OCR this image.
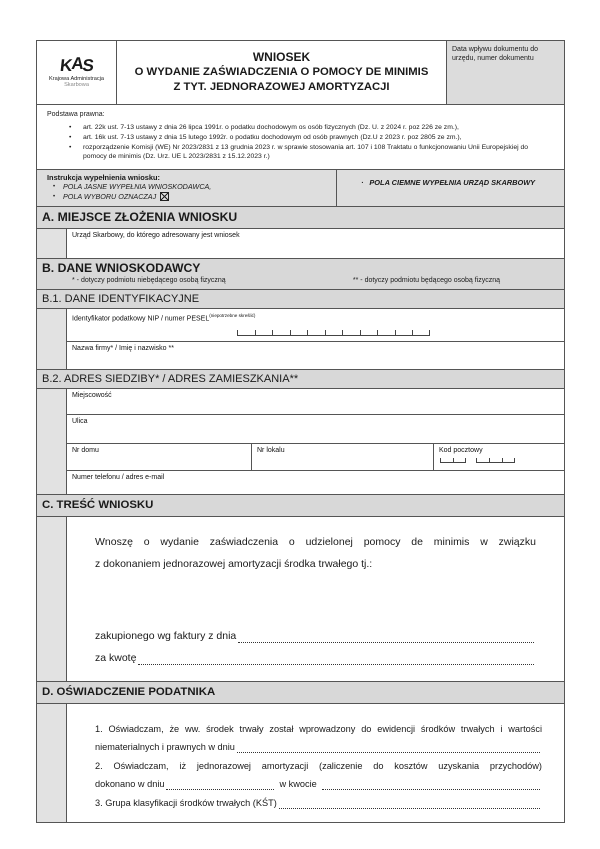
KAS
Krajowa Administracja
Skarbowa
WNIOSEK
O WYDANIE ZAŚWIADCZENIA O POMOCY DE MINIMIS
Z TYT. JEDNORAZOWEJ AMORTYZACJI
Data wpływu dokumentu do urzędu, numer dokumentu
Podstawa prawna:
• art. 22k ust. 7-13 ustawy z dnia 26 lipca 1991r. o podatku dochodowym os osób fizycznych (Dz. U. z 2024 r. poz 226 ze zm.),
• art. 16k ust. 7-13 ustawy z dnia 15 lutego 1992r. o podatku dochodowym od osób prawnych (Dz.U z 2023 r. poz 2805 ze zm.),
• rozporządzenie Komisji (WE) Nr 2023/2831 z 13 grudnia 2023 r. w sprawie stosowania art. 107 i 108 Traktatu o funkcjonowaniu Unii Europejskiej do pomocy de minimis (Dz. Urz. UE L 2023/2831 z 15.12.2023 r.)
Instrukcja wypełnienia wniosku:
• POLA JASNE WYPEŁNIA WNIOSKODAWCA,
• POLA WYBORU OZNACZAJ
· POLA CIEMNE WYPEŁNIA URZĄD SKARBOWY
A. MIEJSCE ZŁOŻENIA WNIOSKU
Urząd Skarbowy, do którego adresowany jest wniosek
B. DANE WNIOSKODAWCY
* - dotyczy podmiotu niebędącego osobą fizyczną	** - dotyczy podmiotu będącego osobą fizyczną
B.1. DANE IDENTYFIKACYJNE
Identyfikator podatkowy NIP / numer $PESEL^{(niepotrzebne skreślić)}$
Nazwa firmy* / Imię i nazwisko **
B.2. ADRES SIEDZIBY* / ADRES ZAMIESZKANIA**
Miejscowość
Ulica
Nr domu	Nr lokalu	Kod pocztowy
Numer telefonu / adres e-mail
C. TREŚĆ WNIOSKU
Wnoszę o wydanie zaświadczenia o udzielonej pomocy de minimis w związku
z dokonaniem jednorazowej amortyzacji środka trwałego tj.:
zakupionego wg faktury z dnia
za kwotę
D. OŚWIADCZENIE PODATNIKA
1. Oświadczam, że ww. środek trwały został wprowadzony do ewidencji środków trwałych i wartości
niematerialnych i prawnych w dniu
2. Oświadczam, iż jednorazowej amortyzacji (zaliczenie do kosztów uzyskania przychodów)
dokonano w dniu	w kwocie
3. Grupa klasyfikacji środków trwałych (KŚT)
